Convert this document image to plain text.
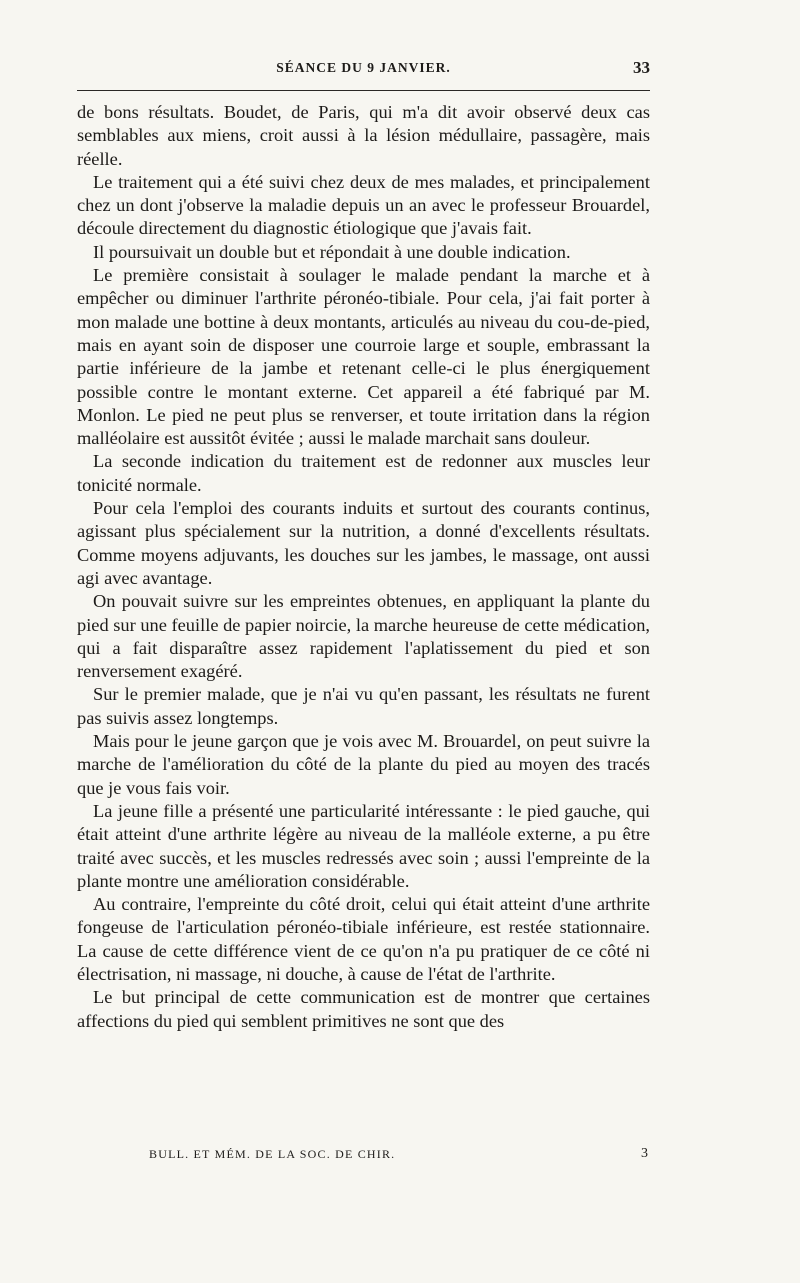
SÉANCE DU 9 JANVIER.	33

de bons résultats. Boudet, de Paris, qui m'a dit avoir observé deux cas semblables aux miens, croit aussi à la lésion médullaire, passagère, mais réelle.

Le traitement qui a été suivi chez deux de mes malades, et principalement chez un dont j'observe la maladie depuis un an avec le professeur Brouardel, découle directement du diagnostic étiologique que j'avais fait.

Il poursuivait un double but et répondait à une double indication.

Le première consistait à soulager le malade pendant la marche et à empêcher ou diminuer l'arthrite péronéo-tibiale. Pour cela, j'ai fait porter à mon malade une bottine à deux montants, articulés au niveau du cou-de-pied, mais en ayant soin de disposer une courroie large et souple, embrassant la partie inférieure de la jambe et retenant celle-ci le plus énergiquement possible contre le montant externe. Cet appareil a été fabriqué par M. Monlon. Le pied ne peut plus se renverser, et toute irritation dans la région malléolaire est aussitôt évitée ; aussi le malade marchait sans douleur.

La seconde indication du traitement est de redonner aux muscles leur tonicité normale.

Pour cela l'emploi des courants induits et surtout des courants continus, agissant plus spécialement sur la nutrition, a donné d'excellents résultats. Comme moyens adjuvants, les douches sur les jambes, le massage, ont aussi agi avec avantage.

On pouvait suivre sur les empreintes obtenues, en appliquant la plante du pied sur une feuille de papier noircie, la marche heureuse de cette médication, qui a fait disparaître assez rapidement l'aplatissement du pied et son renversement exagéré.

Sur le premier malade, que je n'ai vu qu'en passant, les résultats ne furent pas suivis assez longtemps.

Mais pour le jeune garçon que je vois avec M. Brouardel, on peut suivre la marche de l'amélioration du côté de la plante du pied au moyen des tracés que je vous fais voir.

La jeune fille a présenté une particularité intéressante : le pied gauche, qui était atteint d'une arthrite légère au niveau de la malléole externe, a pu être traité avec succès, et les muscles redressés avec soin ; aussi l'empreinte de la plante montre une amélioration considérable.

Au contraire, l'empreinte du côté droit, celui qui était atteint d'une arthrite fongeuse de l'articulation péronéo-tibiale inférieure, est restée stationnaire. La cause de cette différence vient de ce qu'on n'a pu pratiquer de ce côté ni électrisation, ni massage, ni douche, à cause de l'état de l'arthrite.

Le but principal de cette communication est de montrer que certaines affections du pied qui semblent primitives ne sont que des

BULL. ET MÉM. DE LA SOC. DE CHIR.	3
